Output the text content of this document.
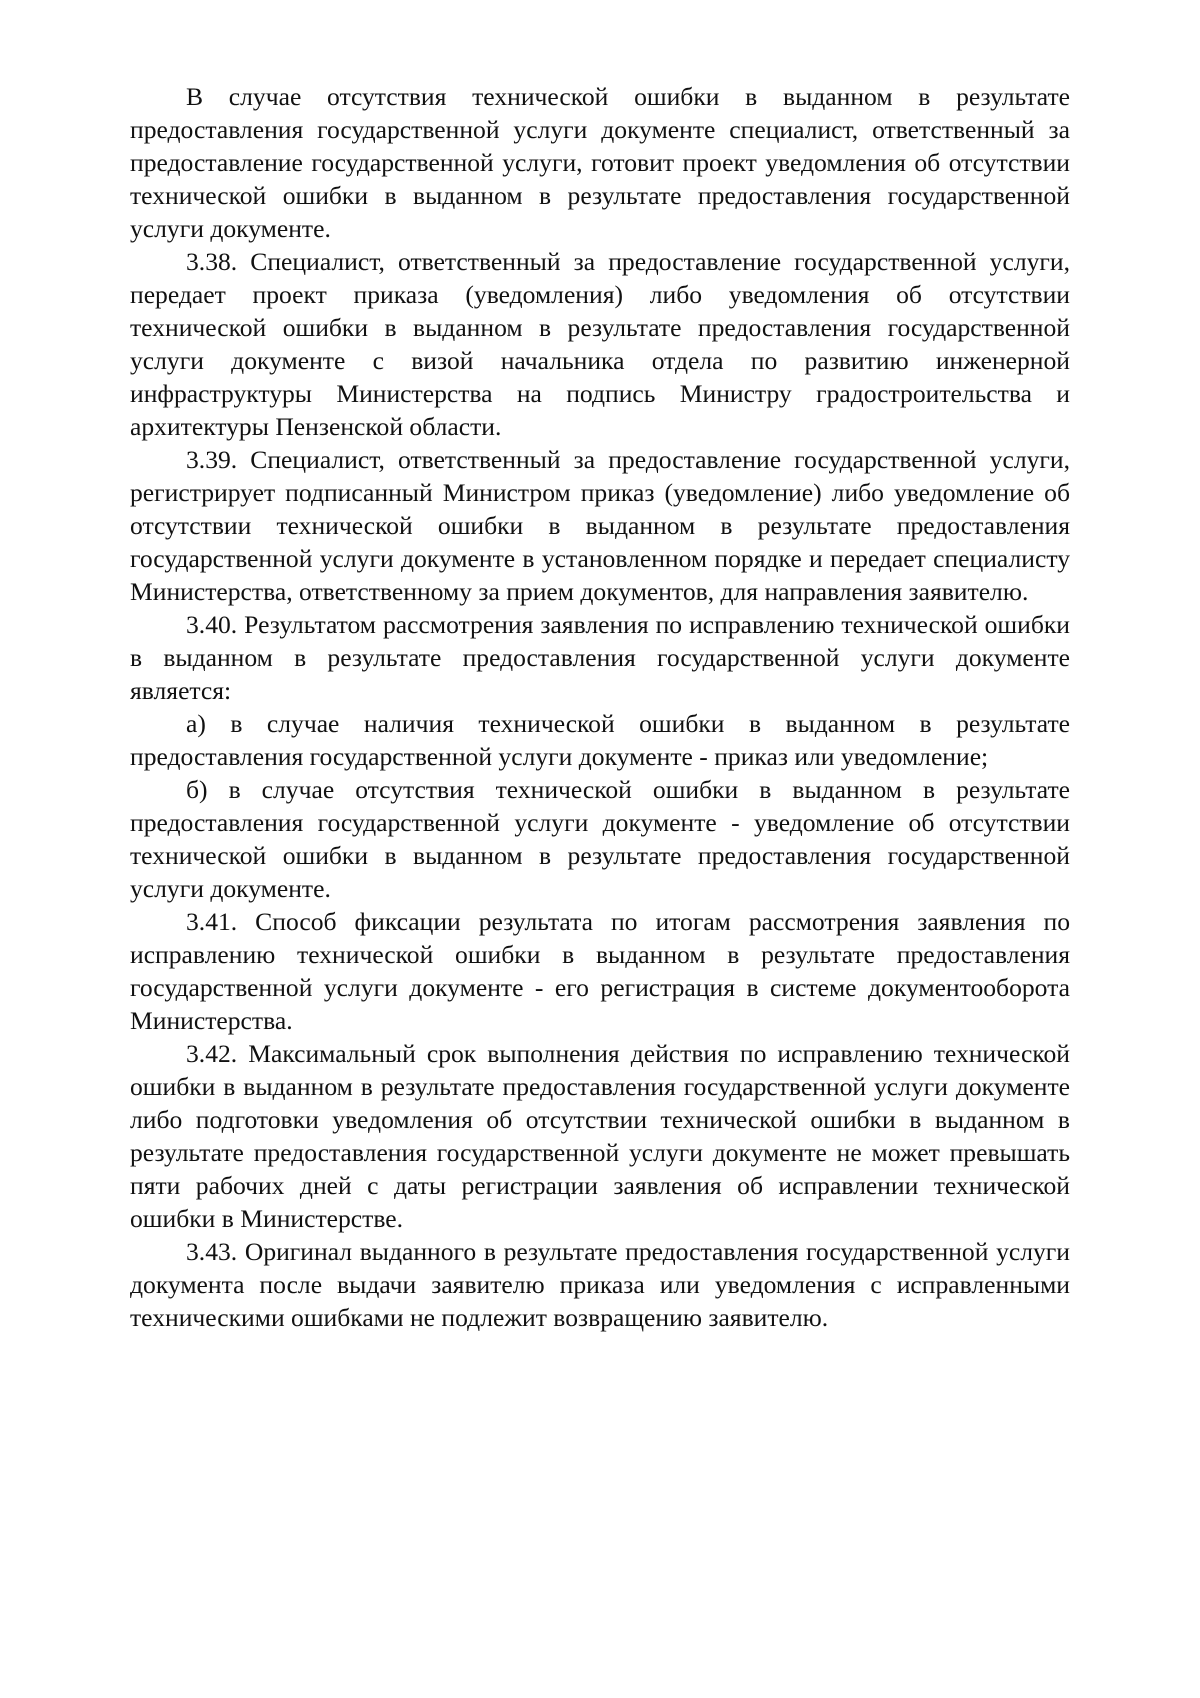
В случае отсутствия технической ошибки в выданном в результате предоставления государственной услуги документе специалист, ответственный за предоставление государственной услуги, готовит проект уведомления об отсутствии технической ошибки в выданном в результате предоставления государственной услуги документе.

3.38. Специалист, ответственный за предоставление государственной услуги, передает проект приказа (уведомления) либо уведомления об отсутствии технической ошибки в выданном в результате предоставления государственной услуги документе с визой начальника отдела по развитию инженерной инфраструктуры Министерства на подпись Министру градостроительства и архитектуры Пензенской области.

3.39. Специалист, ответственный за предоставление государственной услуги, регистрирует подписанный Министром приказ (уведомление) либо уведомление об отсутствии технической ошибки в выданном в результате предоставления государственной услуги документе в установленном порядке и передает специалисту Министерства, ответственному за прием документов, для направления заявителю.

3.40. Результатом рассмотрения заявления по исправлению технической ошибки в выданном в результате предоставления государственной услуги документе является:

а) в случае наличия технической ошибки в выданном в результате предоставления государственной услуги документе - приказ или уведомление;

б) в случае отсутствия технической ошибки в выданном в результате предоставления государственной услуги документе - уведомление об отсутствии технической ошибки в выданном в результате предоставления государственной услуги документе.

3.41. Способ фиксации результата по итогам рассмотрения заявления по исправлению технической ошибки в выданном в результате предоставления государственной услуги документе - его регистрация в системе документооборота Министерства.

3.42. Максимальный срок выполнения действия по исправлению технической ошибки в выданном в результате предоставления государственной услуги документе либо подготовки уведомления об отсутствии технической ошибки в выданном в результате предоставления государственной услуги документе не может превышать пяти рабочих дней с даты регистрации заявления об исправлении технической ошибки в Министерстве.

3.43. Оригинал выданного в результате предоставления государственной услуги документа после выдачи заявителю приказа или уведомления с исправленными техническими ошибками не подлежит возвращению заявителю.
